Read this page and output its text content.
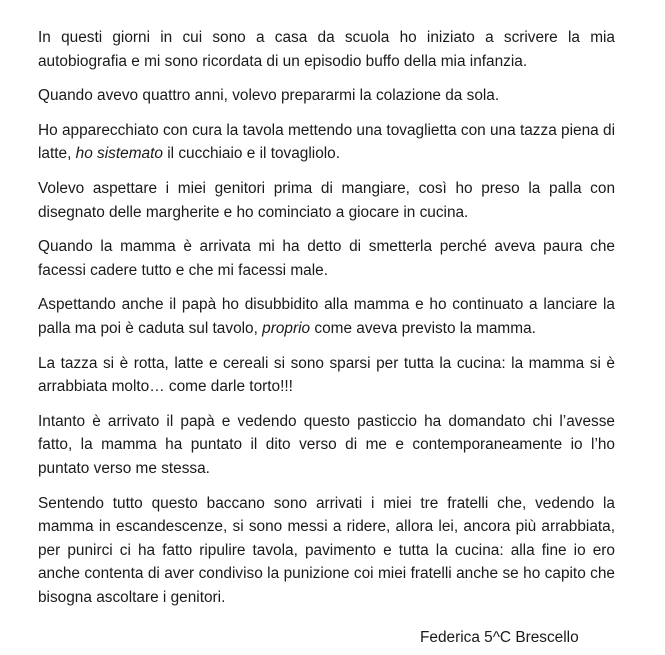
In questi giorni in cui sono a casa da scuola ho iniziato a scrivere la mia autobiografia e mi sono ricordata di un episodio buffo della mia infanzia.

Quando avevo quattro anni, volevo prepararmi la colazione da sola.

Ho apparecchiato con cura la tavola mettendo una tovaglietta con una tazza piena di latte, ho sistemato il cucchiaio e il tovagliolo.

Volevo aspettare i miei genitori prima di mangiare, così ho preso la palla con disegnato delle margherite e ho cominciato a giocare in cucina.

Quando la mamma è arrivata mi ha detto di smetterla perché aveva paura che facessi cadere tutto e che mi facessi male.

Aspettando anche il papà ho disubbidito alla mamma e ho continuato a lanciare la palla ma poi è caduta sul tavolo, proprio come aveva previsto la mamma.

La tazza si è rotta, latte e cereali si sono sparsi per tutta la cucina: la mamma si è arrabbiata molto… come darle torto!!!

Intanto è arrivato il papà e vedendo questo pasticcio ha domandato chi l’avesse fatto, la mamma ha puntato il dito verso di me e contemporaneamente io l’ho puntato verso me stessa.

Sentendo tutto questo baccano sono arrivati i miei tre fratelli che, vedendo la mamma in escandescenze, si sono messi a ridere, allora lei, ancora più arrabbiata, per punirci ci ha fatto ripulire tavola, pavimento e tutta la cucina: alla fine io ero anche contenta di aver condiviso la punizione coi miei fratelli anche se ho capito che bisogna ascoltare i genitori.

Federica 5^C Brescello
